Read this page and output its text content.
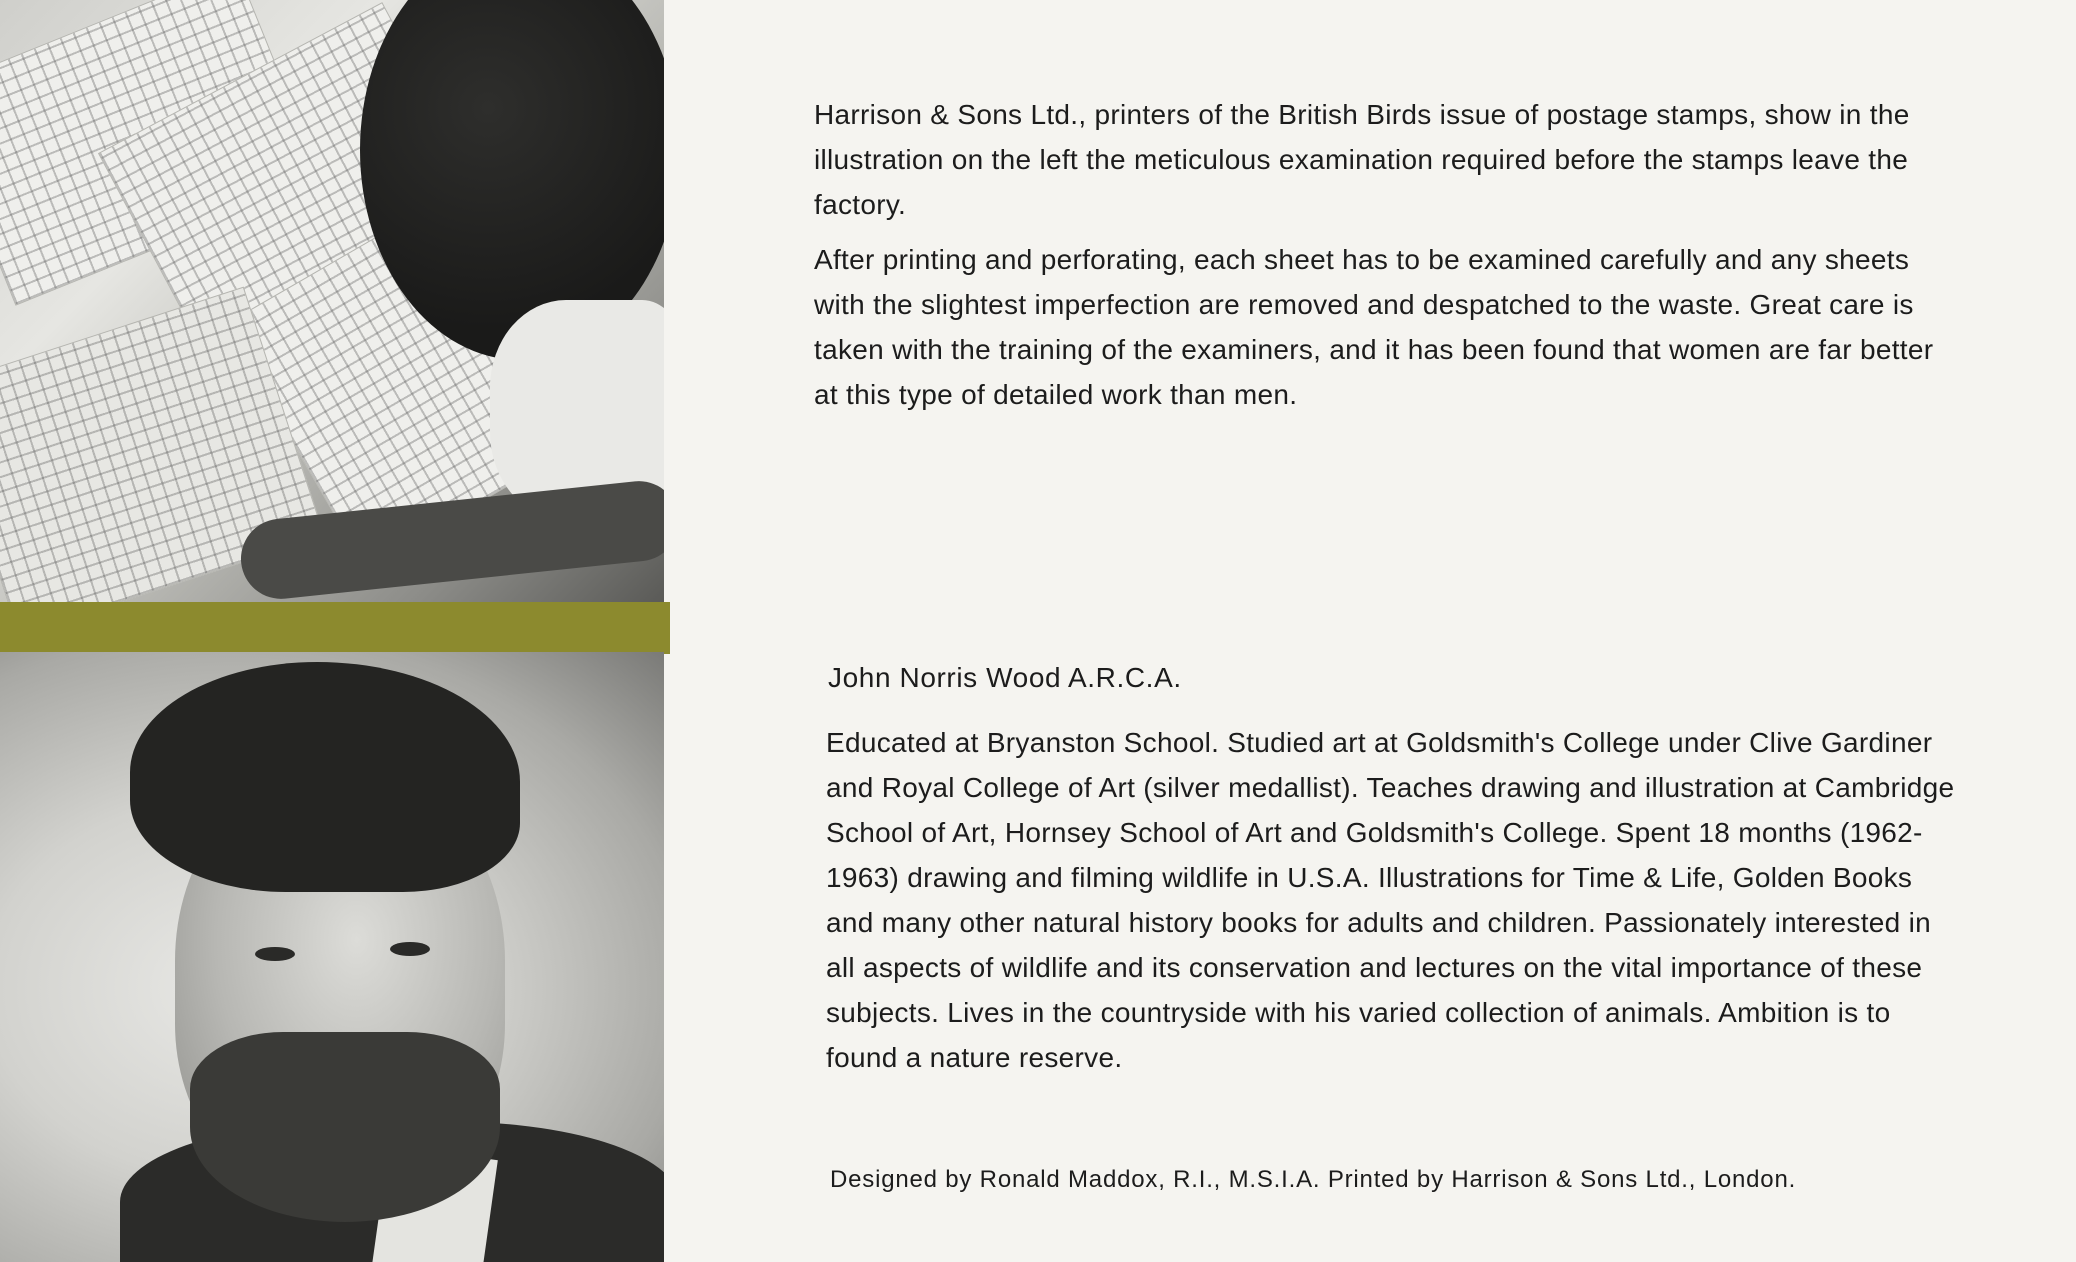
Harrison & Sons Ltd., printers of the British Birds issue of postage stamps, show in the illustration on the left the meticulous examination required before the stamps leave the factory.

After printing and perforating, each sheet has to be examined carefully and any sheets with the slightest imperfection are removed and despatched to the waste. Great care is taken with the training of the examiners, and it has been found that women are far better at this type of detailed work than men.

John Norris Wood A.R.C.A.
Educated at Bryanston School. Studied art at Goldsmith's College under Clive Gardiner and Royal College of Art (silver medallist). Teaches drawing and illustration at Cambridge School of Art, Hornsey School of Art and Goldsmith's College. Spent 18 months (1962-1963) drawing and filming wildlife in U.S.A. Illustrations for Time & Life, Golden Books and many other natural history books for adults and children. Passionately interested in all aspects of wildlife and its conservation and lectures on the vital importance of these subjects. Lives in the countryside with his varied collection of animals. Ambition is to found a nature reserve.
Designed by Ronald Maddox, R.I., M.S.I.A. Printed by Harrison & Sons Ltd., London.
